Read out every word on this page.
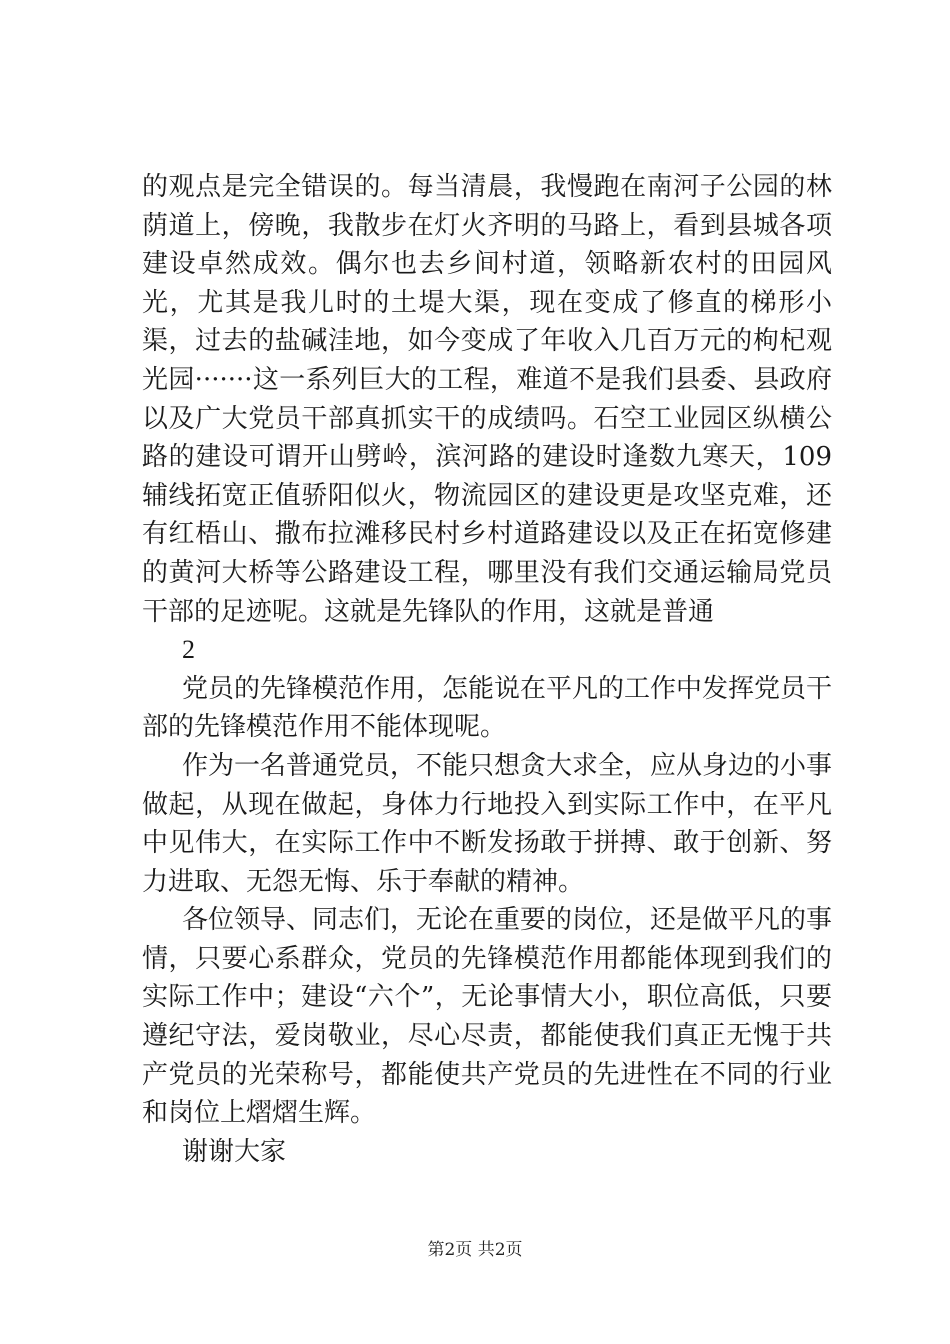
的观点是完全错误的。每当清晨，我慢跑在南河子公园的林荫道上，傍晚，我散步在灯火齐明的马路上，看到县城各项建设卓然成效。偶尔也去乡间村道，领略新农村的田园风光，尤其是我儿时的土堤大渠，现在变成了修直的梯形小渠，过去的盐碱洼地，如今变成了年收入几百万元的枸杞观光园·······这一系列巨大的工程，难道不是我们县委、县政府以及广大党员干部真抓实干的成绩吗。石空工业园区纵横公路的建设可谓开山劈岭，滨河路的建设时逢数九寒天，109辅线拓宽正值骄阳似火，物流园区的建设更是攻坚克难，还有红梧山、撒布拉滩移民村乡村道路建设以及正在拓宽修建的黄河大桥等公路建设工程，哪里没有我们交通运输局党员干部的足迹呢。这就是先锋队的作用，这就是普通

2

党员的先锋模范作用，怎能说在平凡的工作中发挥党员干部的先锋模范作用不能体现呢。

作为一名普通党员，不能只想贪大求全，应从身边的小事做起，从现在做起，身体力行地投入到实际工作中，在平凡中见伟大，在实际工作中不断发扬敢于拼搏、敢于创新、努力进取、无怨无悔、乐于奉献的精神。

各位领导、同志们，无论在重要的岗位，还是做平凡的事情，只要心系群众，党员的先锋模范作用都能体现到我们的实际工作中；建设“六个”，无论事情大小，职位高低，只要遵纪守法，爱岗敬业，尽心尽责，都能使我们真正无愧于共产党员的光荣称号，都能使共产党员的先进性在不同的行业和岗位上熠熠生辉。

谢谢大家

第2页 共2页
